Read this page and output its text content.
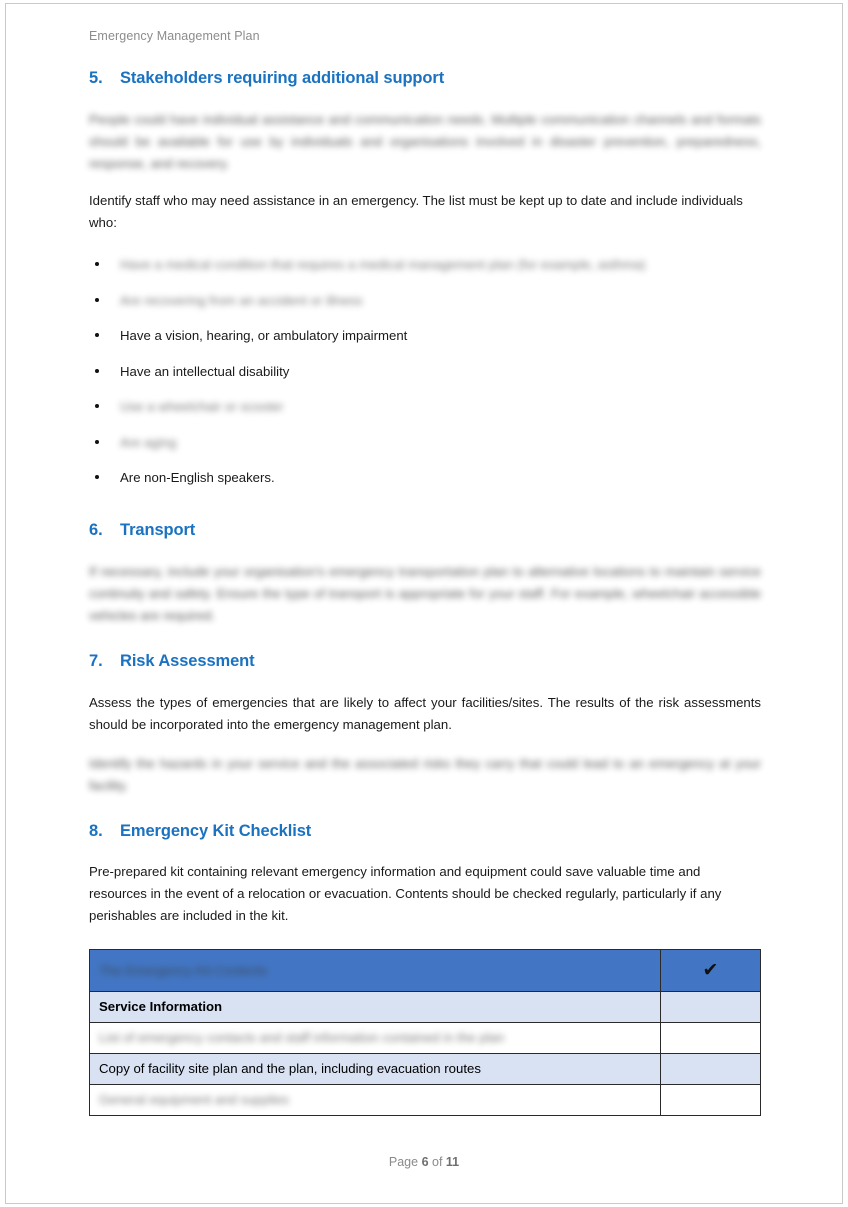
Emergency Management Plan
5.	Stakeholders requiring additional support

People could have individual assistance and communication needs. Multiple communication channels and formats should be available for use by individuals and organisations involved in disaster prevention, preparedness, response, and recovery.

Identify staff who may need assistance in an emergency. The list must be kept up to date and include individuals who:

Have a medical condition that requires a medical management plan (for example, asthma)
Are recovering from an accident or illness
Have a vision, hearing, or ambulatory impairment
Have an intellectual disability
Use a wheelchair or scooter
Are aging
Are non-English speakers.
6.	Transport

If necessary, include your organisation's emergency transportation plan to alternative locations to maintain service continuity and safety. Ensure the type of transport is appropriate for your staff. For example, wheelchair accessible vehicles are required.

7.	Risk Assessment

Assess the types of emergencies that are likely to affect your facilities/sites. The results of the risk assessments should be incorporated into the emergency management plan.

Identify the hazards in your service and the associated risks they carry that could lead to an emergency at your facility.

8.	Emergency Kit Checklist

Pre-prepared kit containing relevant emergency information and equipment could save valuable time and resources in the event of a relocation or evacuation. Contents should be checked regularly, particularly if any perishables are included in the kit.

The Emergency Kit Contents	✔
Service Information	
List of emergency contacts and staff information contained in the plan	
Copy of facility site plan and the plan, including evacuation routes	
General equipment and supplies	
Page 6 of 11
